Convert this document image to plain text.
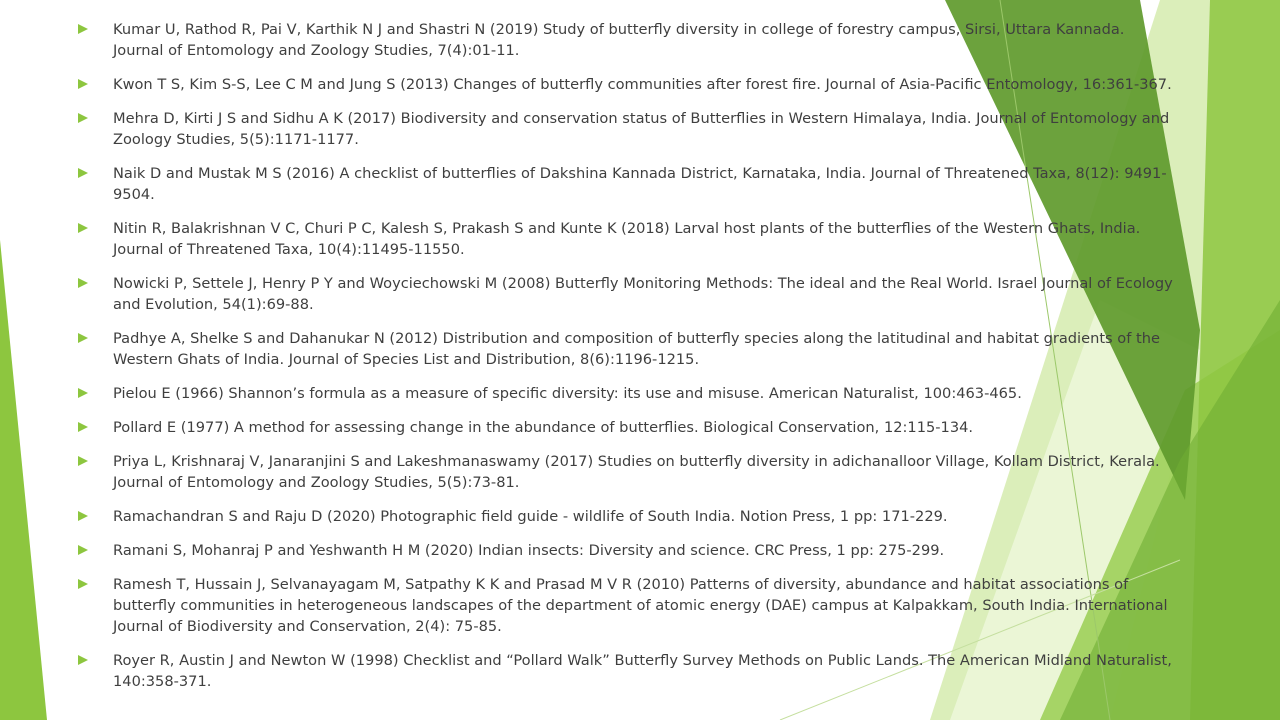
Kumar U, Rathod R, Pai V, Karthik N J and Shastri N (2019) Study of butterfly diversity in college of forestry campus, Sirsi, Uttara Kannada. Journal of Entomology and Zoology Studies, 7(4):01-11.
Kwon T S, Kim S-S, Lee C M and Jung S (2013) Changes of butterfly communities after forest fire. Journal of Asia-Pacific Entomology, 16:361-367.
Mehra D, Kirti J S and Sidhu A K (2017) Biodiversity and conservation status of Butterflies in Western Himalaya, India. Journal of Entomology and Zoology Studies, 5(5):1171-1177.
Naik D and Mustak M S (2016) A checklist of butterflies of Dakshina Kannada District, Karnataka, India. Journal of Threatened Taxa, 8(12): 9491-9504.
Nitin R, Balakrishnan V C, Churi P C, Kalesh S, Prakash S and Kunte K (2018) Larval host plants of the butterflies of the Western Ghats, India. Journal of Threatened Taxa, 10(4):11495-11550.
Nowicki P, Settele J, Henry P Y and Woyciechowski M (2008) Butterfly Monitoring Methods: The ideal and the Real World. Israel Journal of Ecology and Evolution, 54(1):69-88.
Padhye A, Shelke S and Dahanukar N (2012) Distribution and composition of butterfly species along the latitudinal and habitat gradients of the Western Ghats of India. Journal of Species List and Distribution, 8(6):1196-1215.
Pielou E (1966) Shannon’s formula as a measure of specific diversity: its use and misuse. American Naturalist, 100:463-465.
Pollard E (1977) A method for assessing change in the abundance of butterflies. Biological Conservation, 12:115-134.
Priya L, Krishnaraj V, Janaranjini S and Lakeshmanaswamy (2017) Studies on butterfly diversity in adichanalloor Village, Kollam District, Kerala. Journal of Entomology and Zoology Studies, 5(5):73-81.
Ramachandran S and Raju D (2020) Photographic field guide - wildlife of South India. Notion Press, 1 pp: 171-229.
Ramani S, Mohanraj P and Yeshwanth H M (2020) Indian insects: Diversity and science. CRC Press, 1 pp: 275-299.
Ramesh T, Hussain J, Selvanayagam M, Satpathy K K and Prasad M V R (2010) Patterns of diversity, abundance and habitat associations of butterfly communities in heterogeneous landscapes of the department of atomic energy (DAE) campus at Kalpakkam, South India. International Journal of Biodiversity and Conservation, 2(4): 75-85.
Royer R, Austin J and Newton W (1998) Checklist and “Pollard Walk” Butterfly Survey Methods on Public Lands. The American Midland Naturalist, 140:358-371.
